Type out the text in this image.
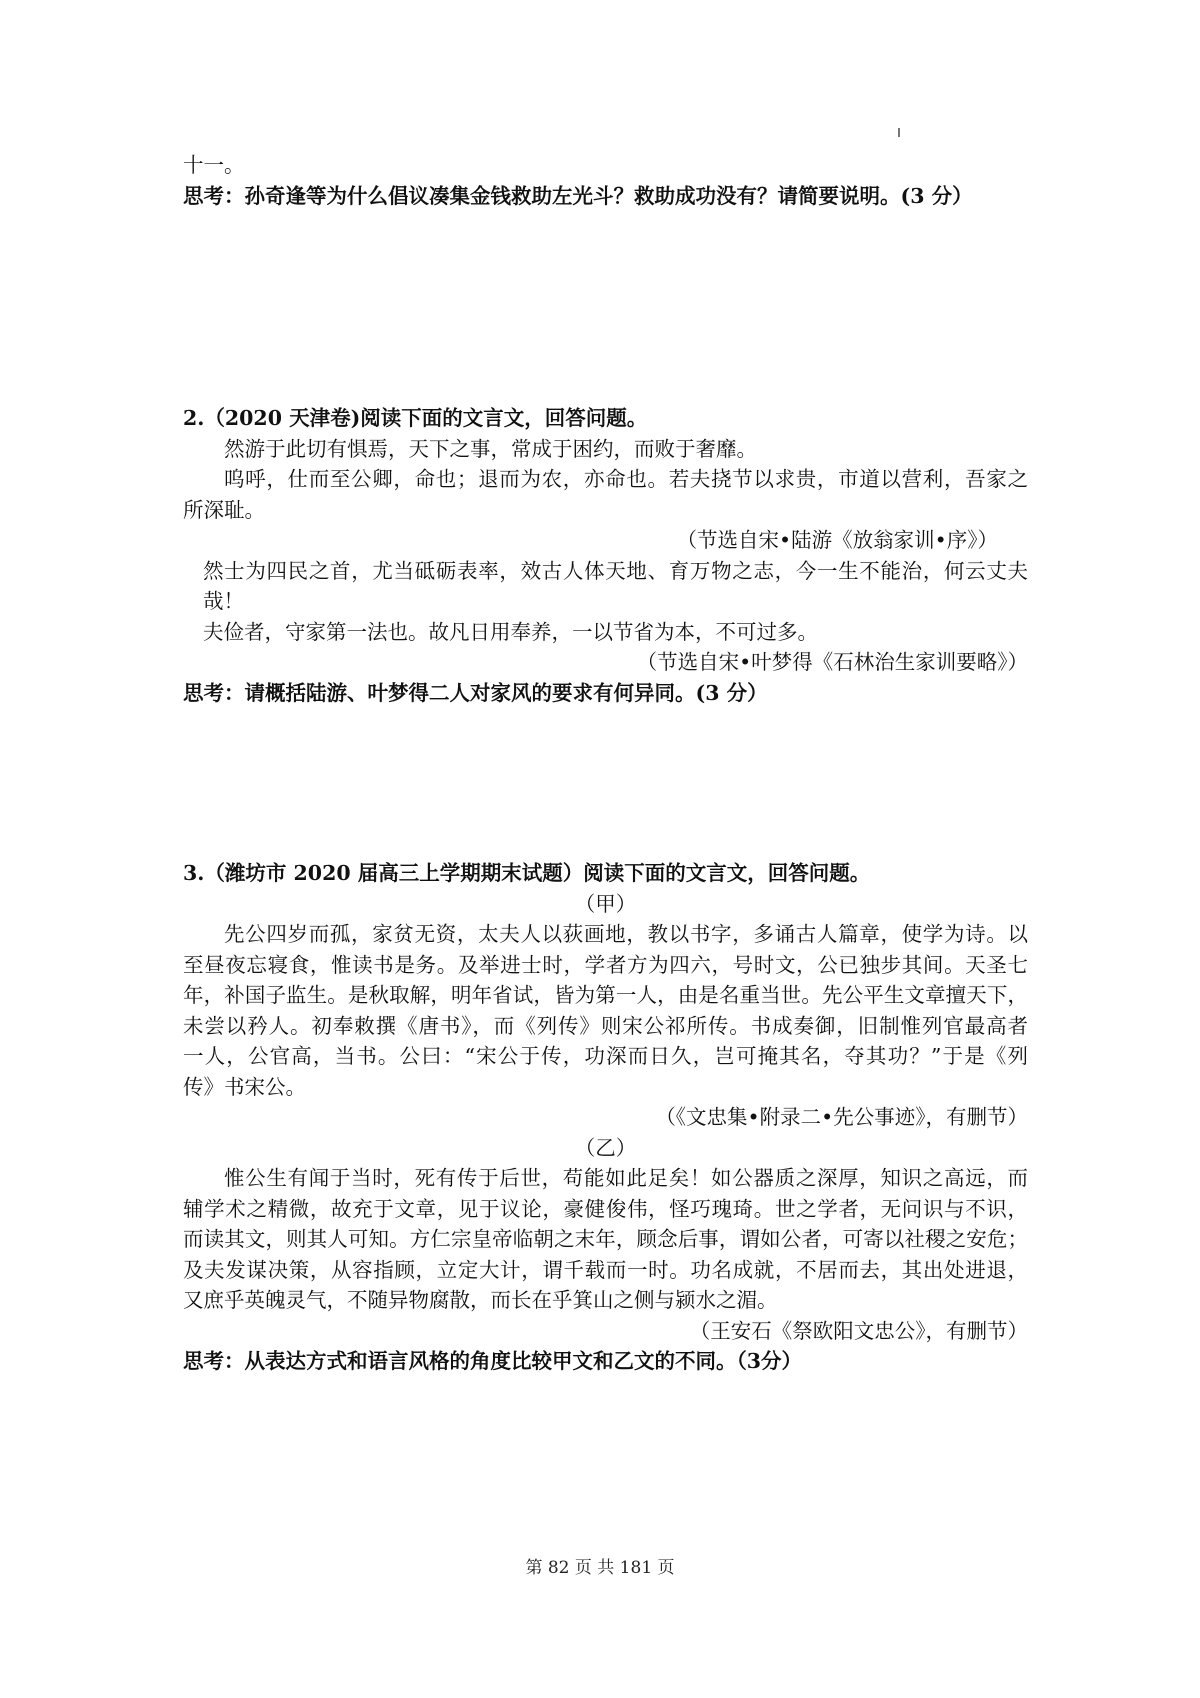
十一。
思考：孙奇逢等为什么倡议凑集金钱救助左光斗？救助成功没有？请简要说明。(3 分）
2.（2020 天津卷)阅读下面的文言文，回答问题。
然游于此切有惧焉，天下之事，常成于困约，而败于奢靡。
呜呼，仕而至公卿，命也；退而为农，亦命也。若夫挠节以求贵，市道以营利，吾家之
所深耻。
（节选自宋•陆游《放翁家训•序》）
然士为四民之首，尤当砥砺表率，效古人体天地、育万物之志，今一生不能治，何云丈夫
哉！
夫俭者，守家第一法也。故凡日用奉养，一以节省为本，不可过多。
（节选自宋•叶梦得《石林治生家训要略》）
思考：请概括陆游、叶梦得二人对家风的要求有何异同。(3 分）
3.（潍坊市 2020 届高三上学期期末试题）阅读下面的文言文，回答问题。
（甲）
先公四岁而孤，家贫无资，太夫人以荻画地，教以书字，多诵古人篇章，使学为诗。以
至昼夜忘寝食，惟读书是务。及举进士时，学者方为四六，号时文，公已独步其间。天圣七
年，补国子监生。是秋取解，明年省试，皆为第一人，由是名重当世。先公平生文章擅天下，
未尝以矜人。初奉敕撰《唐书》，而《列传》则宋公祁所传。书成奏御，旧制惟列官最高者
一人，公官高，当书。公曰：“宋公于传，功深而日久，岂可掩其名，夺其功？”于是《列
传》书宋公。
（《文忠集•附录二•先公事迹》，有删节）
（乙）
惟公生有闻于当时，死有传于后世，苟能如此足矣！如公器质之深厚，知识之高远，而
辅学术之精微，故充于文章，见于议论，豪健俊伟，怪巧瑰琦。世之学者，无问识与不识，
而读其文，则其人可知。方仁宗皇帝临朝之末年，顾念后事，谓如公者，可寄以社稷之安危；
及夫发谋决策，从容指顾，立定大计，谓千载而一时。功名成就，不居而去，其出处进退，
又庶乎英魄灵气，不随异物腐散，而长在乎箕山之侧与颍水之湄。
（王安石《祭欧阳文忠公》，有删节）
思考：从表达方式和语言风格的角度比较甲文和乙文的不同。（3分）
第 82 页 共 181 页
